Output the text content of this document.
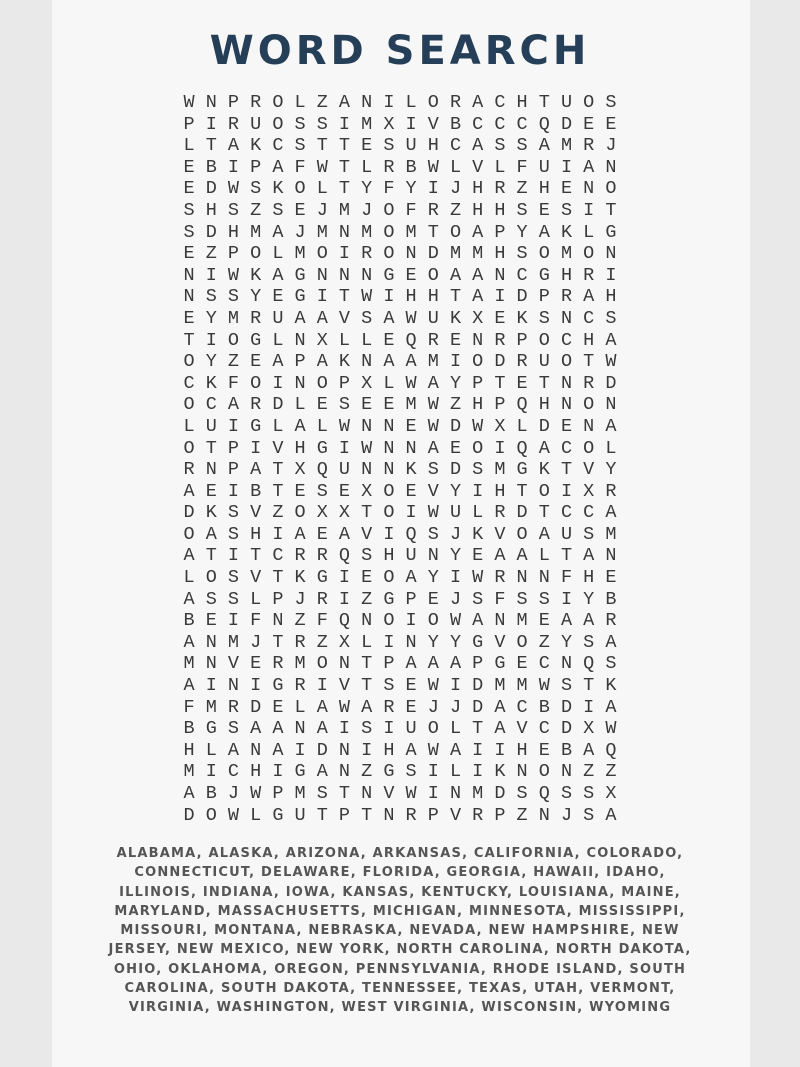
WORD SEARCH
W N P R O L Z A N I L O R A C H T U O S
P I R U O S S I M X I V B C C C Q D E E
L T A K C S T T E S U H C A S S A M R J
E B I P A F W T L R B W L V L F U I A N
E D W S K O L T Y F Y I J H R Z H E N O
S H S Z S E J M J O F R Z H H S E S I T
S D H M A J M N M O M T O A P Y A K L G
E Z P O L M O I R O N D M M H S O M O N
N I W K A G N N N G E O A A N C G H R I
N S S Y E G I T W I H H T A I D P R A H
E Y M R U A A V S A W U K X E K S N C S
T I O G L N X L L E Q R E N R P O C H A
O Y Z E A P A K N A A M I O D R U O T W
C K F O I N O P X L W A Y P T E T N R D
O C A R D L E S E E M W Z H P Q H N O N
L U I G L A L W N N E W D W X L D E N A
O T P I V H G I W N N A E O I Q A C O L
R N P A T X Q U N N K S D S M G K T V Y
A E I B T E S E X O E V Y I H T O I X R
D K S V Z O X X T O I W U L R D T C C A
O A S H I A E A V I Q S J K V O A U S M
A T I T C R R Q S H U N Y E A A L T A N
L O S V T K G I E O A Y I W R N N F H E
A S S L P J R I Z G P E J S F S S I Y B
B E I F N Z F Q N O I O W A N M E A A R
A N M J T R Z X L I N Y Y G V O Z Y S A
M N V E R M O N T P A A A P G E C N Q S
A I N I G R I V T S E W I D M M W S T K
F M R D E L A W A R E J J D A C B D I A
B G S A A N A I S I U O L T A V C D X W
H L A N A I D N I H A W A I I H E B A Q
M I C H I G A N Z G S I L I K N O N Z Z
A B J W P M S T N V W I N M D S Q S S X
D O W L G U T P T N R P V R P Z N J S A

ALABAMA, ALASKA, ARIZONA, ARKANSAS, CALIFORNIA, COLORADO, CONNECTICUT, DELAWARE, FLORIDA, GEORGIA, HAWAII, IDAHO, ILLINOIS, INDIANA, IOWA, KANSAS, KENTUCKY, LOUISIANA, MAINE, MARYLAND, MASSACHUSETTS, MICHIGAN, MINNESOTA, MISSISSIPPI, MISSOURI, MONTANA, NEBRASKA, NEVADA, NEW HAMPSHIRE, NEW JERSEY, NEW MEXICO, NEW YORK, NORTH CAROLINA, NORTH DAKOTA, OHIO, OKLAHOMA, OREGON, PENNSYLVANIA, RHODE ISLAND, SOUTH CAROLINA, SOUTH DAKOTA, TENNESSEE, TEXAS, UTAH, VERMONT, VIRGINIA, WASHINGTON, WEST VIRGINIA, WISCONSIN, WYOMING
